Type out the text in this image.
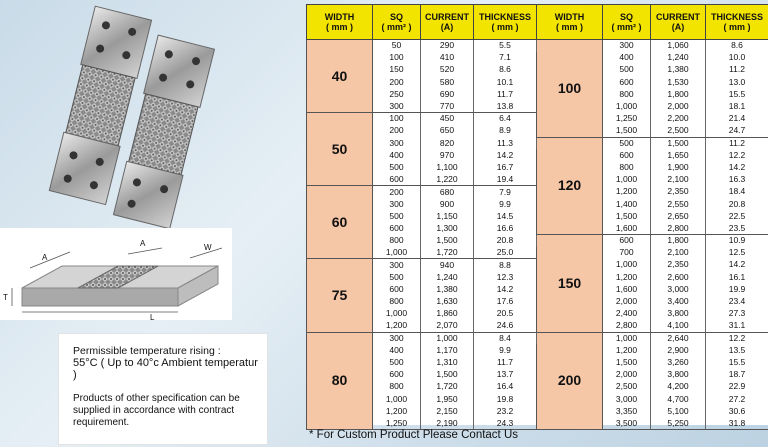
A
A	W
T
L

Permissible temperature rising :
55°C ( Up to 40°c Ambient temperatur )

Products of other specification can be
supplied in accordance with contract
requirement.

WIDTH
( mm )	SQ
( mm² )	CURRENT
(A)	THICKNESS
( mm )	WIDTH
( mm )	SQ
( mm² )	CURRENT
(A)	THICKNESS
( mm )
40	50	290	5.5	100	300	1,060	8.6
	100	410	7.1		400	1,240	10.0
	150	520	8.6		500	1,380	11.2
	200	580	10.1		600	1,530	13.0
	250	690	11.7		800	1,800	15.5
	300	770	13.8		1,000	2,000	18.1
50	100	450	6.4		1,250	2,200	21.4
	200	650	8.9		1,500	2,500	24.7
	300	820	11.3	120	500	1,500	11.2
	400	970	14.2		600	1,650	12.2
	500	1,100	16.7		800	1,900	14.2
	600	1,220	19.4		1,000	2,100	16.3
60	200	680	7.9		1,200	2,350	18.4
	300	900	9.9		1,400	2,550	20.8
	500	1,150	14.5		1,500	2,650	22.5
	600	1,300	16.6		1,600	2,800	23.5
	800	1,500	20.8	150	600	1,800	10.9
	1,000	1,720	25.0		700	2,100	12.5
75	300	940	8.8		1,000	2,350	14.2
	500	1,240	12.3		1,200	2,600	16.1
	600	1,380	14.2		1,600	3,000	19.9
	800	1,630	17.6		2,000	3,400	23.4
	1,000	1,860	20.5		2,400	3,800	27.3
	1,200	2,070	24.6		2,800	4,100	31.1
80	300	1,000	8.4	200	1,000	2,640	12.2
	400	1,170	9.9		1,200	2,900	13.5
	500	1,310	11.7		1,500	3,260	15.5
	600	1,500	13.7		2,000	3,800	18.7
	800	1,720	16.4		2,500	4,200	22.9
	1,000	1,950	19.8		3,000	4,700	27.2
	1,200	2,150	23.2		3,350	5,100	30.6
	1,250	2,190	24.3		3,500	5,250	31.8
* For Custom Product Please Contact Us
